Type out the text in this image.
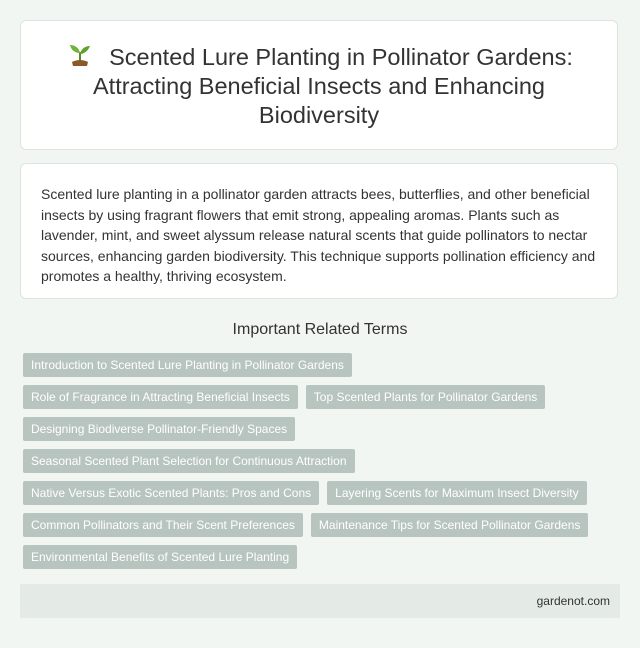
Scented Lure Planting in Pollinator Gardens: Attracting Beneficial Insects and Enhancing Biodiversity

Scented lure planting in a pollinator garden attracts bees, butterflies, and other beneficial insects by using fragrant flowers that emit strong, appealing aromas. Plants such as lavender, mint, and sweet alyssum release natural scents that guide pollinators to nectar sources, enhancing garden biodiversity. This technique supports pollination efficiency and promotes a healthy, thriving ecosystem.

Important Related Terms
Introduction to Scented Lure Planting in Pollinator Gardens
Role of Fragrance in Attracting Beneficial Insects	Top Scented Plants for Pollinator Gardens
Designing Biodiverse Pollinator-Friendly Spaces
Seasonal Scented Plant Selection for Continuous Attraction
Native Versus Exotic Scented Plants: Pros and Cons	Layering Scents for Maximum Insect Diversity
Common Pollinators and Their Scent Preferences	Maintenance Tips for Scented Pollinator Gardens
Environmental Benefits of Scented Lure Planting
gardenot.com
